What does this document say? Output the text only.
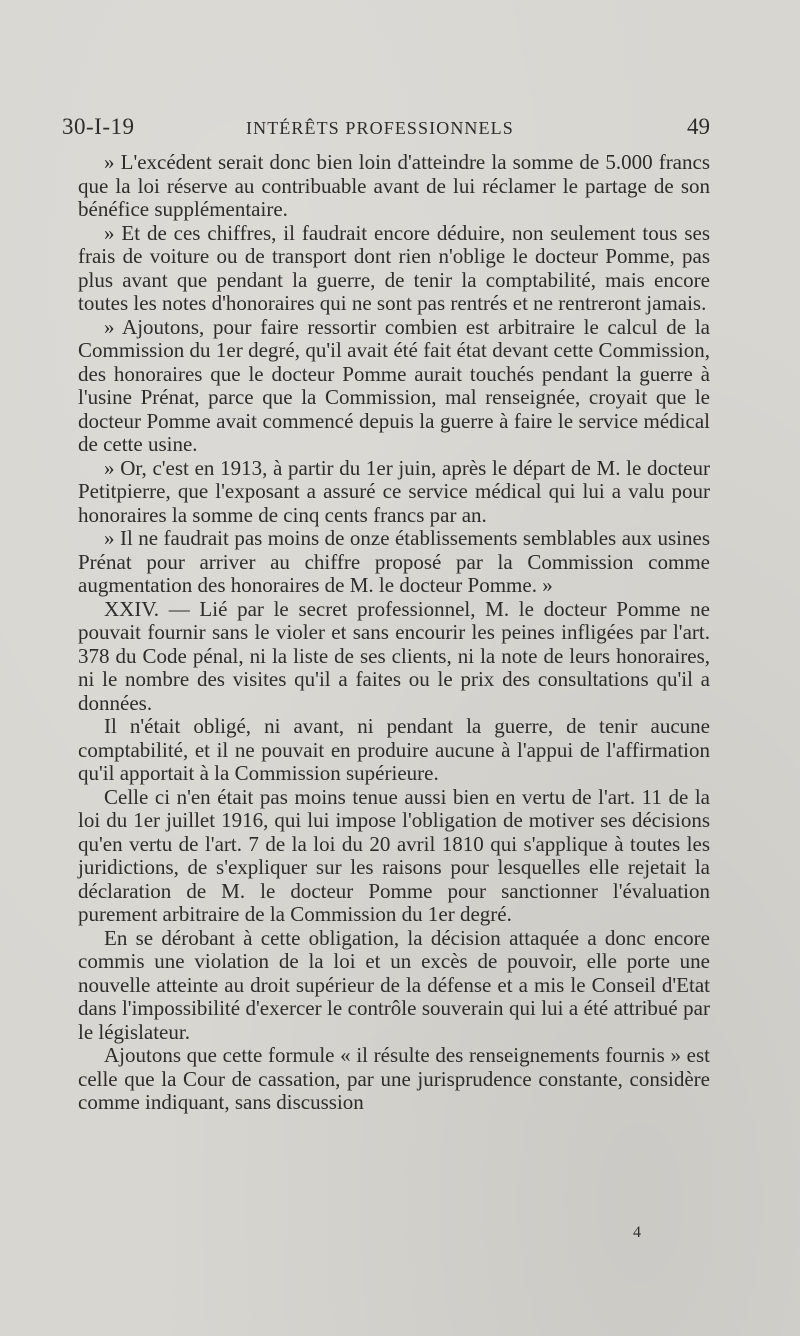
30-I-19	INTÉRÊTS PROFESSIONNELS	49

» L'excédent serait donc bien loin d'atteindre la somme de 5.000 francs que la loi réserve au contribuable avant de lui réclamer le partage de son bénéfice supplémentaire.

» Et de ces chiffres, il faudrait encore déduire, non seulement tous ses frais de voiture ou de transport dont rien n'oblige le docteur Pomme, pas plus avant que pendant la guerre, de tenir la comptabilité, mais encore toutes les notes d'honoraires qui ne sont pas rentrés et ne rentreront jamais.

» Ajoutons, pour faire ressortir combien est arbitraire le calcul de la Commission du 1er degré, qu'il avait été fait état devant cette Commission, des honoraires que le docteur Pomme aurait touchés pendant la guerre à l'usine Prénat, parce que la Commission, mal renseignée, croyait que le docteur Pomme avait commencé depuis la guerre à faire le service médical de cette usine.

» Or, c'est en 1913, à partir du 1er juin, après le départ de M. le docteur Petitpierre, que l'exposant a assuré ce service médical qui lui a valu pour honoraires la somme de cinq cents francs par an.

» Il ne faudrait pas moins de onze établissements semblables aux usines Prénat pour arriver au chiffre proposé par la Commission comme augmentation des honoraires de M. le docteur Pomme. »

XXIV. — Lié par le secret professionnel, M. le docteur Pomme ne pouvait fournir sans le violer et sans encourir les peines infligées par l'art. 378 du Code pénal, ni la liste de ses clients, ni la note de leurs honoraires, ni le nombre des visites qu'il a faites ou le prix des consultations qu'il a données.

Il n'était obligé, ni avant, ni pendant la guerre, de tenir aucune comptabilité, et il ne pouvait en produire aucune à l'appui de l'affirmation qu'il apportait à la Commission supérieure.

Celle ci n'en était pas moins tenue aussi bien en vertu de l'art. 11 de la loi du 1er juillet 1916, qui lui impose l'obligation de motiver ses décisions qu'en vertu de l'art. 7 de la loi du 20 avril 1810 qui s'applique à toutes les juridictions, de s'expliquer sur les raisons pour lesquelles elle rejetait la déclaration de M. le docteur Pomme pour sanctionner l'évaluation purement arbitraire de la Commission du 1er degré.

En se dérobant à cette obligation, la décision attaquée a donc encore commis une violation de la loi et un excès de pouvoir, elle porte une nouvelle atteinte au droit supérieur de la défense et a mis le Conseil d'Etat dans l'impossibilité d'exercer le contrôle souverain qui lui a été attribué par le législateur.

Ajoutons que cette formule « il résulte des renseignements fournis » est celle que la Cour de cassation, par une jurisprudence constante, considère comme indiquant, sans discussion

4
